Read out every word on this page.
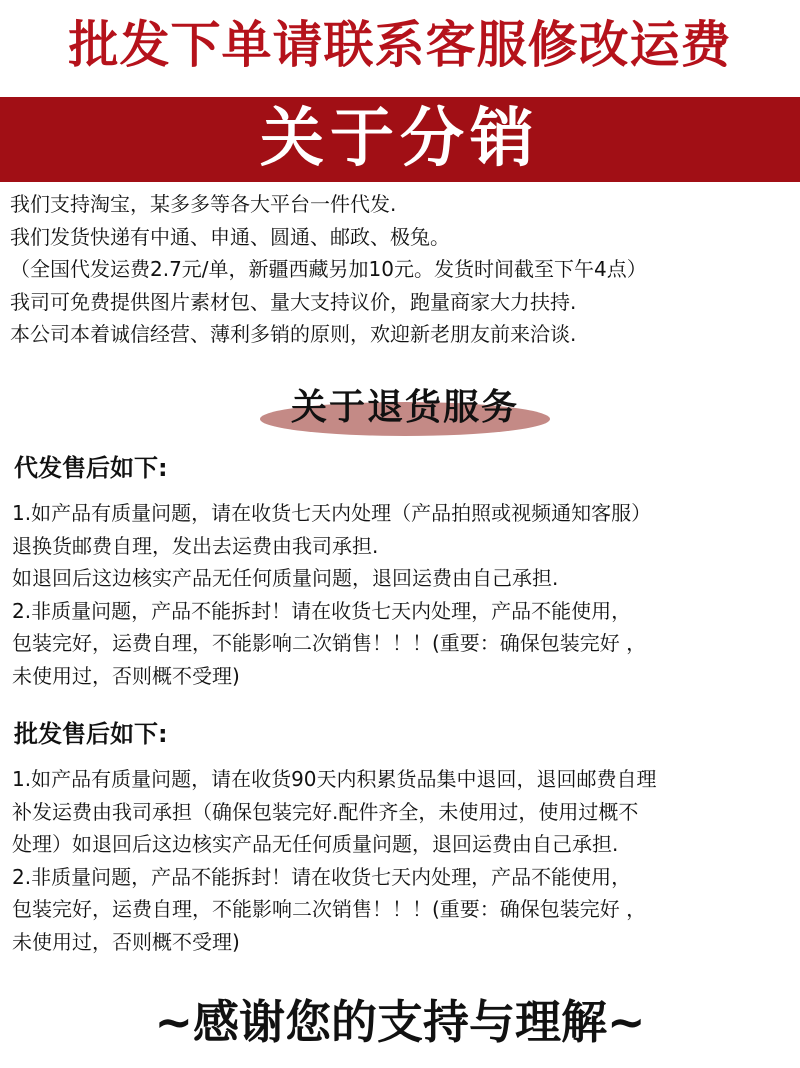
批发下单请联系客服修改运费
关于分销
我们支持淘宝，某多多等各大平台一件代发.
我们发货快递有中通、申通、圆通、邮政、极兔。
（全国代发运费2.7元/单，新疆西藏另加10元。发货时间截至下午4点）
我司可免费提供图片素材包、量大支持议价，跑量商家大力扶持.
本公司本着诚信经营、薄利多销的原则，欢迎新老朋友前来洽谈.
关于退货服务
代发售后如下:
1.如产品有质量问题，请在收货七天内处理（产品拍照或视频通知客服）
退换货邮费自理，发出去运费由我司承担.
如退回后这边核实产品无任何质量问题，退回运费由自己承担.
2.非质量问题，产品不能拆封！请在收货七天内处理，产品不能使用，
包装完好，运费自理，不能影响二次销售！！！(重要：确保包装完好 ，
未使用过，否则概不受理)
批发售后如下:
1.如产品有质量问题，请在收货90天内积累货品集中退回，退回邮费自理
补发运费由我司承担（确保包装完好.配件齐全，未使用过，使用过概不
处理）如退回后这边核实产品无任何质量问题，退回运费由自己承担.
2.非质量问题，产品不能拆封！请在收货七天内处理，产品不能使用，
包装完好，运费自理，不能影响二次销售！！！(重要：确保包装完好 ，
未使用过，否则概不受理)
~感谢您的支持与理解~
